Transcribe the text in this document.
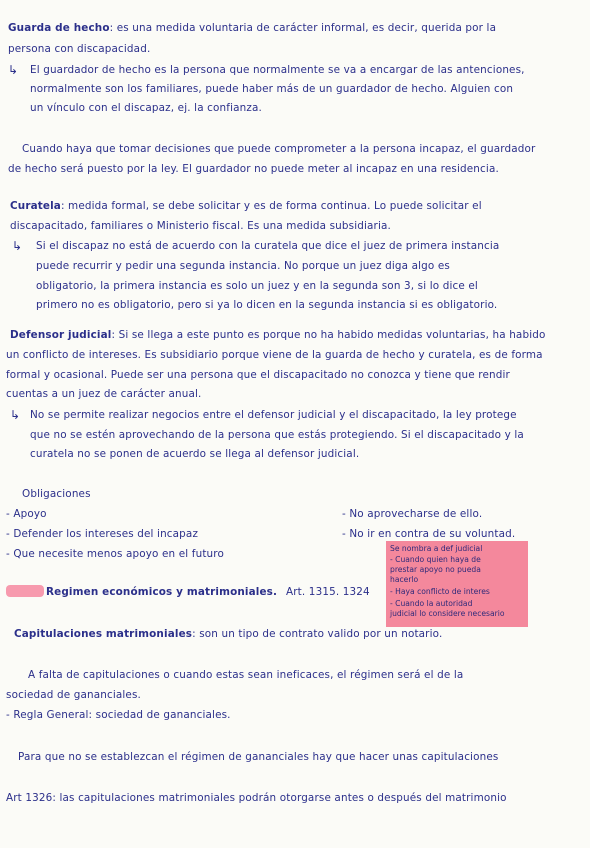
Guarda de hecho: es una medida voluntaria de carácter informal, es decir, querida por la
persona con discapacidad.
↳ El guardador de hecho es la persona que normalmente se va a encargar de las antenciones,
normalmente son los familiares, puede haber más de un guardador de hecho. Alguien con
un vínculo con el discapaz, ej. la confianza.
Cuando haya que tomar decisiones que puede comprometer a la persona incapaz, el guardador
de hecho será puesto por la ley. El guardador no puede meter al incapaz en una residencia.
Curatela: medida formal, se debe solicitar y es de forma continua. Lo puede solicitar el
discapacitado, familiares o Ministerio fiscal. Es una medida subsidiaria.
↳ Si el discapaz no está de acuerdo con la curatela que dice el juez de primera instancia
puede recurrir y pedir una segunda instancia. No porque un juez diga algo es
obligatorio, la primera instancia es solo un juez y en la segunda son 3, si lo dice el
primero no es obligatorio, pero si ya lo dicen en la segunda instancia si es obligatorio.
Defensor judicial: Si se llega a este punto es porque no ha habido medidas voluntarias, ha habido
un conflicto de intereses. Es subsidiario porque viene de la guarda de hecho y curatela, es de forma
formal y ocasional. Puede ser una persona que el discapacitado no conozca y tiene que rendir
cuentas a un juez de carácter anual.
↳ No se permite realizar negocios entre el defensor judicial y el discapacitado, la ley protege
que no se estén aprovechando de la persona que estás protegiendo. Si el discapacitado y la
curatela no se ponen de acuerdo se llega al defensor judicial.
Obligaciones
- Apoyo
- Defender los intereses del incapaz
- Que necesite menos apoyo en el futuro
- No aprovecharse de ello.
- No ir en contra de su voluntad.
Se nombra a def judicial
- Cuando quien haya de
prestar apoyo no pueda
hacerlo
- Haya conflicto de interes
- Cuando la autoridad
judicial lo considere necesario
Regimen económicos y matrimoniales. Art. 1315. 1324
Capitulaciones matrimoniales: son un tipo de contrato valido por un notario.
A falta de capitulaciones o cuando estas sean ineficaces, el régimen será el de la
sociedad de gananciales.
- Regla General: sociedad de gananciales.
Para que no se establezcan el régimen de gananciales hay que hacer unas capitulaciones
Art 1326: las capitulaciones matrimoniales podrán otorgarse antes o después del matrimonio
